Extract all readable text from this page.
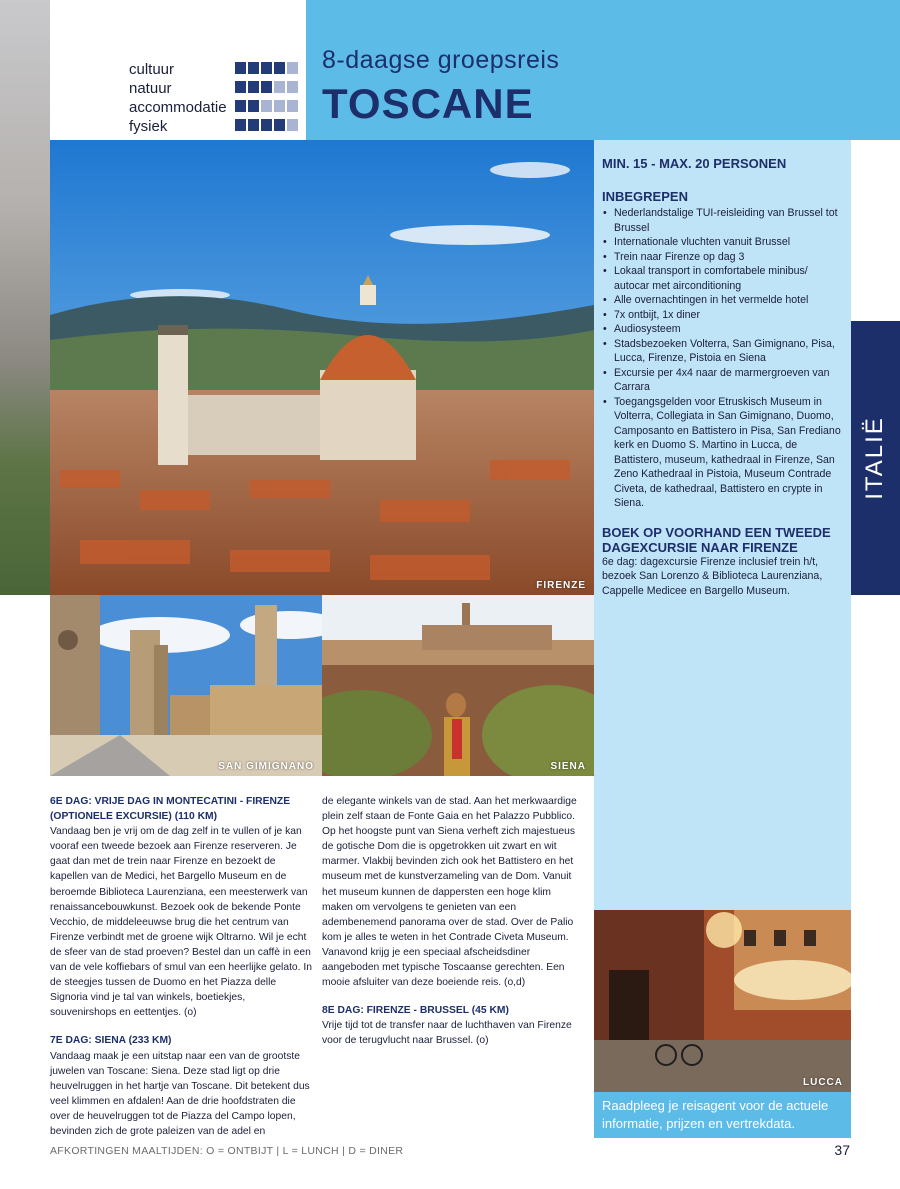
cultuur
natuur
accommodatie
fysiek
8-daagse groepsreis
TOSCANE
FIRENZE
SAN GIMIGNANO	SIENA
LUCCA
MIN. 15 - MAX. 20 PERSONEN
INBEGREPEN
• Nederlandstalige TUI-reisleiding van Brussel tot Brussel
• Internationale vluchten vanuit Brussel
• Trein naar Firenze op dag 3
• Lokaal transport in comfortabele minibus/ autocar met airconditioning
• Alle overnachtingen in het vermelde hotel
• 7x ontbijt, 1x diner
• Audiosysteem
• Stadsbezoeken Volterra, San Gimignano, Pisa, Lucca, Firenze, Pistoia en Siena
• Excursie per 4x4 naar de marmergroeven van Carrara
• Toegangsgelden voor Etruskisch Museum in Volterra, Collegiata in San Gimignano, Duomo, Camposanto en Battistero in Pisa, San Frediano kerk en Duomo S. Martino in Lucca, de Battistero, museum, kathedraal in Firenze, San Zeno Kathedraal in Pistoia, Museum Contrade Civeta, de kathedraal, Battistero en crypte in Siena.
BOEK OP VOORHAND EEN TWEEDE DAGEXCURSIE NAAR FIRENZE

6e dag: dagexcursie Firenze inclusief trein h/t, bezoek San Lorenzo & Biblioteca Laurenziana, Cappelle Medicee en Bargello Museum.

ITALIË
6E DAG: VRIJE DAG IN MONTECATINI - FIRENZE (OPTIONELE EXCURSIE) (110 KM)

Vandaag ben je vrij om de dag zelf in te vullen of je kan vooraf een tweede bezoek aan Firenze reserveren. Je gaat dan met de trein naar Firenze en bezoekt de kapellen van de Medici, het Bargello Museum en de beroemde Biblioteca Laurenziana, een meesterwerk van renaissancebouwkunst. Bezoek ook de bekende Ponte Vecchio, de middeleeuwse brug die het centrum van Firenze verbindt met de groene wijk Oltrarno. Wil je echt de sfeer van de stad proeven? Bestel dan un caffè in een van de vele koffiebars of smul van een heerlijke gelato. In de steegjes tussen de Duomo en het Piazza delle Signoria vind je tal van winkels, boetiekjes, souvenirshops en eettentjes. (o)

7E DAG: SIENA (233 KM)

Vandaag maak je een uitstap naar een van de grootste juwelen van Toscane: Siena. Deze stad ligt op drie heuvelruggen in het hartje van Toscane. Dit betekent dus veel klimmen en afdalen! Aan de drie hoofdstraten die over de heuvelruggen tot de Piazza del Campo lopen, bevinden zich de grote paleizen van de adel en

de elegante winkels van de stad. Aan het merkwaardige plein zelf staan de Fonte Gaia en het Palazzo Pubblico. Op het hoogste punt van Siena verheft zich majestueus de gotische Dom die is opgetrokken uit zwart en wit marmer. Vlakbij bevinden zich ook het Battistero en het museum met de kunstverzameling van de Dom. Vanuit het museum kunnen de dappersten een hoge klim maken om vervolgens te genieten van een adembenemend panorama over de stad. Over de Palio kom je alles te weten in het Contrade Civeta Museum. Vanavond krijg je een speciaal afscheidsdiner aangeboden met typische Toscaanse gerechten. Een mooie afsluiter van deze boeiende reis. (o,d)

8E DAG: FIRENZE - BRUSSEL (45 KM)

Vrije tijd tot de transfer naar de luchthaven van Firenze voor de terugvlucht naar Brussel. (o)

Raadpleeg je reisagent voor de actuele informatie, prijzen en vertrekdata.
AFKORTINGEN MAALTIJDEN: O = ONTBIJT | L = LUNCH | D = DINER	37
